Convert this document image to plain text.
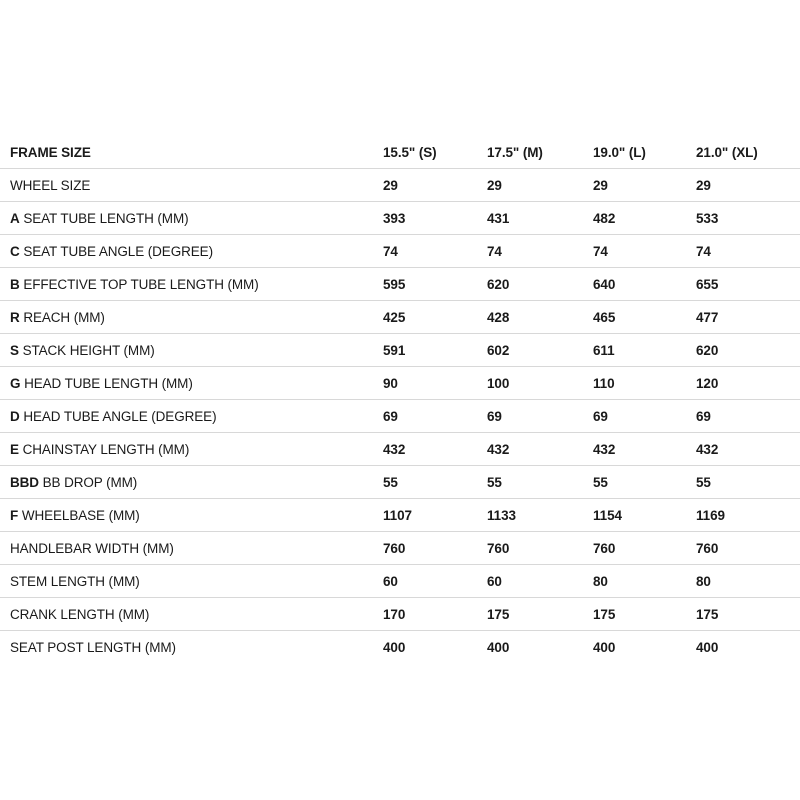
FRAME SIZE	15.5" (S)	17.5" (M)	19.0" (L)	21.0" (XL)
WHEEL SIZE	29	29	29	29
A SEAT TUBE LENGTH (MM)	393	431	482	533
C SEAT TUBE ANGLE (DEGREE)	74	74	74	74
B EFFECTIVE TOP TUBE LENGTH (MM)	595	620	640	655
R REACH (MM)	425	428	465	477
S STACK HEIGHT (MM)	591	602	611	620
G HEAD TUBE LENGTH (MM)	90	100	110	120
D HEAD TUBE ANGLE (DEGREE)	69	69	69	69
E CHAINSTAY LENGTH (MM)	432	432	432	432
BBD BB DROP (MM)	55	55	55	55
F WHEELBASE (MM)	1107	1133	1154	1169
HANDLEBAR WIDTH (MM)	760	760	760	760
STEM LENGTH (MM)	60	60	80	80
CRANK LENGTH (MM)	170	175	175	175
SEAT POST LENGTH (MM)	400	400	400	400
